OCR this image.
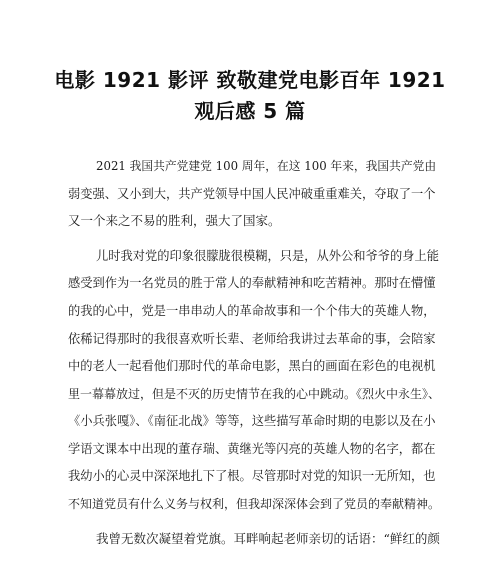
电影 1921 影评 致敬建党电影百年 1921
观后感 5 篇
2021 我国共产党建党 100 周年，在这 100 年来，我国共产党由
弱变强、又小到大，共产党领导中国人民冲破重重难关，夺取了一个
又一个来之不易的胜利，强大了国家。
儿时我对党的印象很朦胧很模糊，只是，从外公和爷爷的身上能
感受到作为一名党员的胜于常人的奉献精神和吃苦精神。那时在懵懂
的我的心中，党是一串串动人的革命故事和一个个伟大的英雄人物，
依稀记得那时的我很喜欢听长辈、老师给我讲过去革命的事，会陪家
中的老人一起看他们那时代的革命电影，黑白的画面在彩色的电视机
里一幕幕放过，但是不灭的历史情节在我的心中跳动。《烈火中永生》、
《小兵张嘎》、《南征北战》等等，这些描写革命时期的电影以及在小
学语文课本中出现的董存瑞、黄继光等闪亮的英雄人物的名字，都在
我幼小的心灵中深深地扎下了根。尽管那时对党的知识一无所知，也
不知道党员有什么义务与权利，但我却深深体会到了党员的奉献精神。
我曾无数次凝望着党旗。耳畔响起老师亲切的话语：“鲜红的颜
